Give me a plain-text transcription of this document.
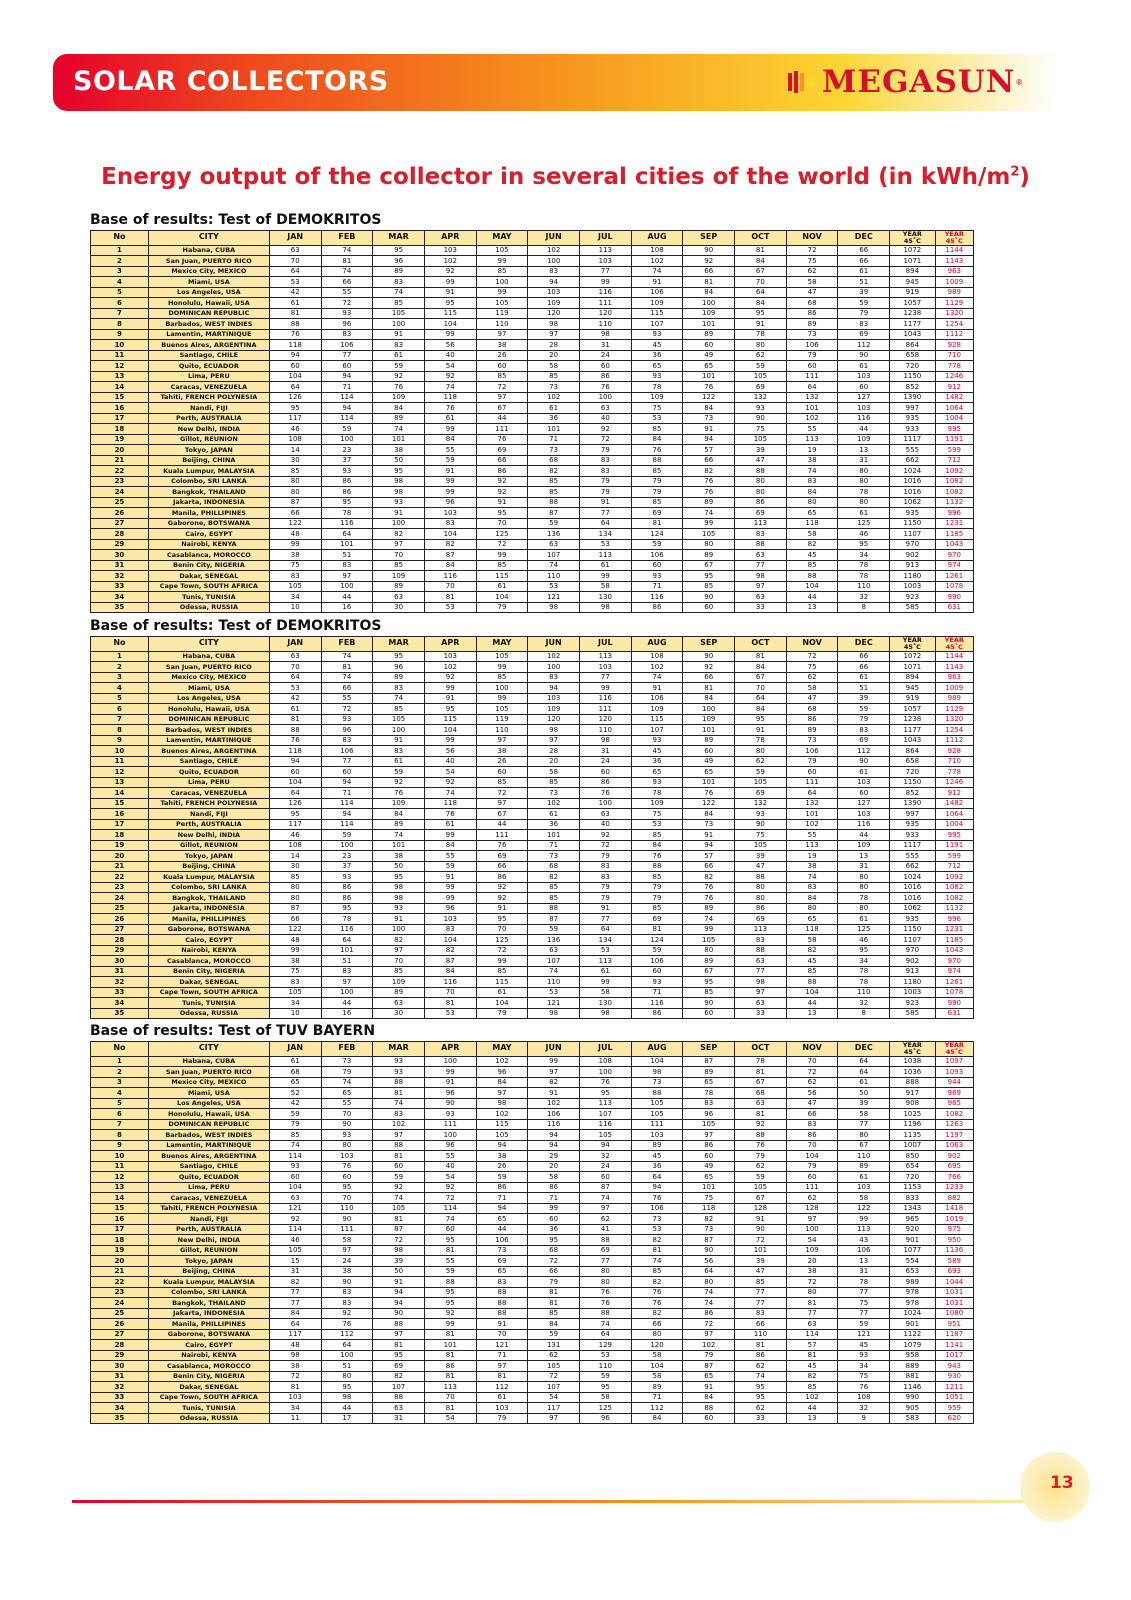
SOLAR COLLECTORS	MEGASUN ®
Energy output of the collector in several cities of the world (in kWh/$m^2$)
Base of results: Test of DEMOKRITOS
No	CITY	JAN	FEB	MAR	APR	MAY	JUN	JUL	AUG	SEP	OCT	NOV	DEC	YEAR
45˚C	YEAR
45˚C
1	Habana, CUBA	63	74	95	103	105	102	113	108	90	81	72	66	1072	1144
2	San Juan, PUERTO RICO	70	81	96	102	99	100	103	102	92	84	75	66	1071	1143
3	Mexico City, MEXICO	64	74	89	92	85	83	77	74	66	67	62	61	894	963
4	Miami, USA	53	66	83	99	100	94	99	91	81	70	58	51	945	1009
5	Los Angeles, USA	42	55	74	91	99	103	116	106	84	64	47	39	919	989
6	Honolulu, Hawaii, USA	61	72	85	95	105	109	111	109	100	84	68	59	1057	1129
7	DOMINICAN REPUBLIC	81	93	105	115	119	120	120	115	109	95	86	79	1238	1320
8	Barbados, WEST INDIES	88	96	100	104	110	98	110	107	101	91	89	83	1177	1254
9	Lamentin, MARTINIQUE	76	83	91	99	97	97	98	93	89	78	73	69	1043	1112
10	Buenos Aires, ARGENTINA	118	106	83	56	38	28	31	45	60	80	106	112	864	928
11	Santiago, CHILE	94	77	61	40	26	20	24	36	49	62	79	90	658	710
12	Quito, ECUADOR	60	60	59	54	60	58	60	65	65	59	60	61	720	778
13	Lima, PERU	104	94	92	92	85	85	86	93	101	105	111	103	1150	1246
14	Caracas, VENEZUELA	64	71	76	74	72	73	76	78	76	69	64	60	852	912
15	Tahiti, FRENCH POLYNESIA	126	114	109	118	97	102	100	109	122	132	132	127	1390	1482
16	Nandi, FIJI	95	94	84	76	67	61	63	75	84	93	101	103	997	1064
17	Perth, AUSTRALIA	117	114	89	61	44	36	40	53	73	90	102	116	935	1004
18	New Delhi, INDIA	46	59	74	99	111	101	92	85	91	75	55	44	933	995
19	Gillot, REUNION	108	100	101	84	76	71	72	84	94	105	113	109	1117	1191
20	Tokyo, JAPAN	14	23	38	55	69	73	79	76	57	39	19	13	555	599
21	Beijing, CHINA	30	37	50	59	66	68	83	88	66	47	38	31	662	712
22	Kuala Lumpur, MALAYSIA	85	93	95	91	86	82	83	85	82	88	74	80	1024	1092
23	Colombo, SRI LANKA	80	86	98	99	92	85	79	79	76	80	83	80	1016	1082
24	Bangkok, THAILAND	80	86	98	99	92	85	79	79	76	80	84	78	1016	1082
25	Jakarta, INDONESIA	87	95	93	96	91	88	91	85	89	86	80	80	1062	1132
26	Manila, PHILLIPINES	66	78	91	103	95	87	77	69	74	69	65	61	935	996
27	Gaborone, BOTSWANA	122	116	100	83	70	59	64	81	99	113	118	125	1150	1231
28	Cairo, EGYPT	48	64	82	104	125	136	134	124	105	83	58	46	1107	1185
29	Nairobi, KENYA	99	101	97	82	72	63	53	59	80	88	82	95	970	1043
30	Casablanca, MOROCCO	38	51	70	87	99	107	113	106	89	63	45	34	902	970
31	Benin City, NIGERIA	75	83	85	84	85	74	61	60	67	77	85	78	913	974
32	Dakar, SENEGAL	83	97	109	116	115	110	99	93	95	98	88	78	1180	1261
33	Cape Town, SOUTH AFRICA	105	100	89	70	61	53	58	71	85	97	104	110	1003	1078
34	Tunis, TUNISIA	34	44	63	81	104	121	130	116	90	63	44	32	923	990
35	Odessa, RUSSIA	10	16	30	53	79	98	98	86	60	33	13	8	585	631
Base of results: Test of DEMOKRITOS
No	CITY	JAN	FEB	MAR	APR	MAY	JUN	JUL	AUG	SEP	OCT	NOV	DEC	YEAR
45˚C	YEAR
45˚C
1	Habana, CUBA	63	74	95	103	105	102	113	108	90	81	72	66	1072	1144
2	San Juan, PUERTO RICO	70	81	96	102	99	100	103	102	92	84	75	66	1071	1143
3	Mexico City, MEXICO	64	74	89	92	85	83	77	74	66	67	62	61	894	963
4	Miami, USA	53	66	83	99	100	94	99	91	81	70	58	51	945	1009
5	Los Angeles, USA	42	55	74	91	99	103	116	106	84	64	47	39	919	989
6	Honolulu, Hawaii, USA	61	72	85	95	105	109	111	109	100	84	68	59	1057	1129
7	DOMINICAN REPUBLIC	81	93	105	115	119	120	120	115	109	95	86	79	1238	1320
8	Barbados, WEST INDIES	88	96	100	104	110	98	110	107	101	91	89	83	1177	1254
9	Lamentin, MARTINIQUE	76	83	91	99	97	97	98	93	89	78	73	69	1043	1112
10	Buenos Aires, ARGENTINA	118	106	83	56	38	28	31	45	60	80	106	112	864	928
11	Santiago, CHILE	94	77	61	40	26	20	24	36	49	62	79	90	658	710
12	Quito, ECUADOR	60	60	59	54	60	58	60	65	65	59	60	61	720	778
13	Lima, PERU	104	94	92	92	85	85	86	93	101	105	111	103	1150	1246
14	Caracas, VENEZUELA	64	71	76	74	72	73	76	78	76	69	64	60	852	912
15	Tahiti, FRENCH POLYNESIA	126	114	109	118	97	102	100	109	122	132	132	127	1390	1482
16	Nandi, FIJI	95	94	84	76	67	61	63	75	84	93	101	103	997	1064
17	Perth, AUSTRALIA	117	114	89	61	44	36	40	53	73	90	102	116	935	1004
18	New Delhi, INDIA	46	59	74	99	111	101	92	85	91	75	55	44	933	995
19	Gillot, REUNION	108	100	101	84	76	71	72	84	94	105	113	109	1117	1191
20	Tokyo, JAPAN	14	23	38	55	69	73	79	76	57	39	19	13	555	599
21	Beijing, CHINA	30	37	50	59	66	68	83	88	66	47	38	31	662	712
22	Kuala Lumpur, MALAYSIA	85	93	95	91	86	82	83	85	82	88	74	80	1024	1092
23	Colombo, SRI LANKA	80	86	98	99	92	85	79	79	76	80	83	80	1016	1082
24	Bangkok, THAILAND	80	86	98	99	92	85	79	79	76	80	84	78	1016	1082
25	Jakarta, INDONESIA	87	95	93	96	91	88	91	85	89	86	80	80	1062	1132
26	Manila, PHILLIPINES	66	78	91	103	95	87	77	69	74	69	65	61	935	996
27	Gaborone, BOTSWANA	122	116	100	83	70	59	64	81	99	113	118	125	1150	1231
28	Cairo, EGYPT	48	64	82	104	125	136	134	124	105	83	58	46	1107	1185
29	Nairobi, KENYA	99	101	97	82	72	63	53	59	80	88	82	95	970	1043
30	Casablanca, MOROCCO	38	51	70	87	99	107	113	106	89	63	45	34	902	970
31	Benin City, NIGERIA	75	83	85	84	85	74	61	60	67	77	85	78	913	974
32	Dakar, SENEGAL	83	97	109	116	115	110	99	93	95	98	88	78	1180	1261
33	Cape Town, SOUTH AFRICA	105	100	89	70	61	53	58	71	85	97	104	110	1003	1078
34	Tunis, TUNISIA	34	44	63	81	104	121	130	116	90	63	44	32	923	990
35	Odessa, RUSSIA	10	16	30	53	79	98	98	86	60	33	13	8	585	631
Base of results: Test of TUV BAYERN
No	CITY	JAN	FEB	MAR	APR	MAY	JUN	JUL	AUG	SEP	OCT	NOV	DEC	YEAR
45˚C	YEAR
45˚C
1	Habana, CUBA	61	73	93	100	102	99	108	104	87	78	70	64	1038	1097
2	San Juan, PUERTO RICO	68	79	93	99	96	97	100	98	89	81	72	64	1036	1093
3	Mexico City, MEXICO	65	74	88	91	84	82	76	73	65	67	62	61	888	944
4	Miami, USA	52	65	81	96	97	91	95	88	78	68	56	50	917	969
5	Los Angeles, USA	42	55	74	90	98	102	113	105	83	63	47	39	908	965
6	Honolulu, Hawaii, USA	59	70	83	93	102	106	107	105	96	81	66	58	1025	1082
7	DOMINICAN REPUBLIC	79	90	102	111	115	116	116	111	105	92	83	77	1196	1263
8	Barbados, WEST INDIES	85	93	97	100	105	94	105	103	97	88	86	80	1135	1197
9	Lamentin, MARTINIQUE	74	80	88	96	94	94	94	89	86	76	70	67	1007	1063
10	Buenos Aires, ARGENTINA	114	103	81	55	38	29	32	45	60	79	104	110	850	902
11	Santiago, CHILE	93	76	60	40	26	20	24	36	49	62	79	89	654	695
12	Quito, ECUADOR	60	60	59	54	59	58	60	64	65	59	60	61	720	766
13	Lima, PERU	104	95	92	92	86	86	87	94	101	105	111	103	1153	1233
14	Caracas, VENEZUELA	63	70	74	72	71	71	74	76	75	67	62	58	833	882
15	Tahiti, FRENCH POLYNESIA	121	110	105	114	94	99	97	106	118	128	128	122	1343	1418
16	Nandi, FIJI	92	90	81	74	65	60	62	73	82	91	97	99	965	1019
17	Perth, AUSTRALIA	114	111	87	60	44	36	41	53	73	90	100	113	920	975
18	New Delhi, INDIA	46	58	72	95	106	95	88	82	87	72	54	43	901	950
19	Gillot, REUNION	105	97	98	81	73	68	69	81	90	101	109	106	1077	1136
20	Tokyo, JAPAN	15	24	39	55	69	72	77	74	56	39	20	13	554	589
21	Beijing, CHINA	31	38	50	59	65	66	80	85	64	47	38	31	653	693
22	Kuala Lumpur, MALAYSIA	82	90	91	88	83	79	80	82	80	85	72	78	989	1044
23	Colombo, SRI LANKA	77	83	94	95	88	81	76	76	74	77	80	77	978	1031
24	Bangkok, THAILAND	77	83	94	95	88	81	76	76	74	77	81	75	978	1031
25	Jakarta, INDONESIA	84	92	90	92	88	85	88	82	86	83	77	77	1024	1080
26	Manila, PHILLIPINES	64	76	88	99	91	84	74	66	72	66	63	59	901	951
27	Gaborone, BOTSWANA	117	112	97	81	70	59	64	80	97	110	114	121	1122	1187
28	Cairo, EGYPT	48	64	81	101	121	131	129	120	102	81	57	45	1079	1141
29	Nairobi, KENYA	98	100	95	81	71	62	53	58	79	86	81	93	958	1017
30	Casablanca, MOROCCO	38	51	69	86	97	105	110	104	87	62	45	34	889	943
31	Benin City, NIGERIA	72	80	82	81	81	72	59	58	65	74	82	75	881	930
32	Dakar, SENEGAL	81	95	107	113	112	107	95	89	91	95	85	76	1146	1211
33	Cape Town, SOUTH AFRICA	103	98	88	70	61	54	58	71	84	95	102	108	990	1051
34	Tunis, TUNISIA	34	44	63	81	103	117	125	112	88	62	44	32	905	959
35	Odessa, RUSSIA	11	17	31	54	79	97	96	84	60	33	13	9	583	620
13
